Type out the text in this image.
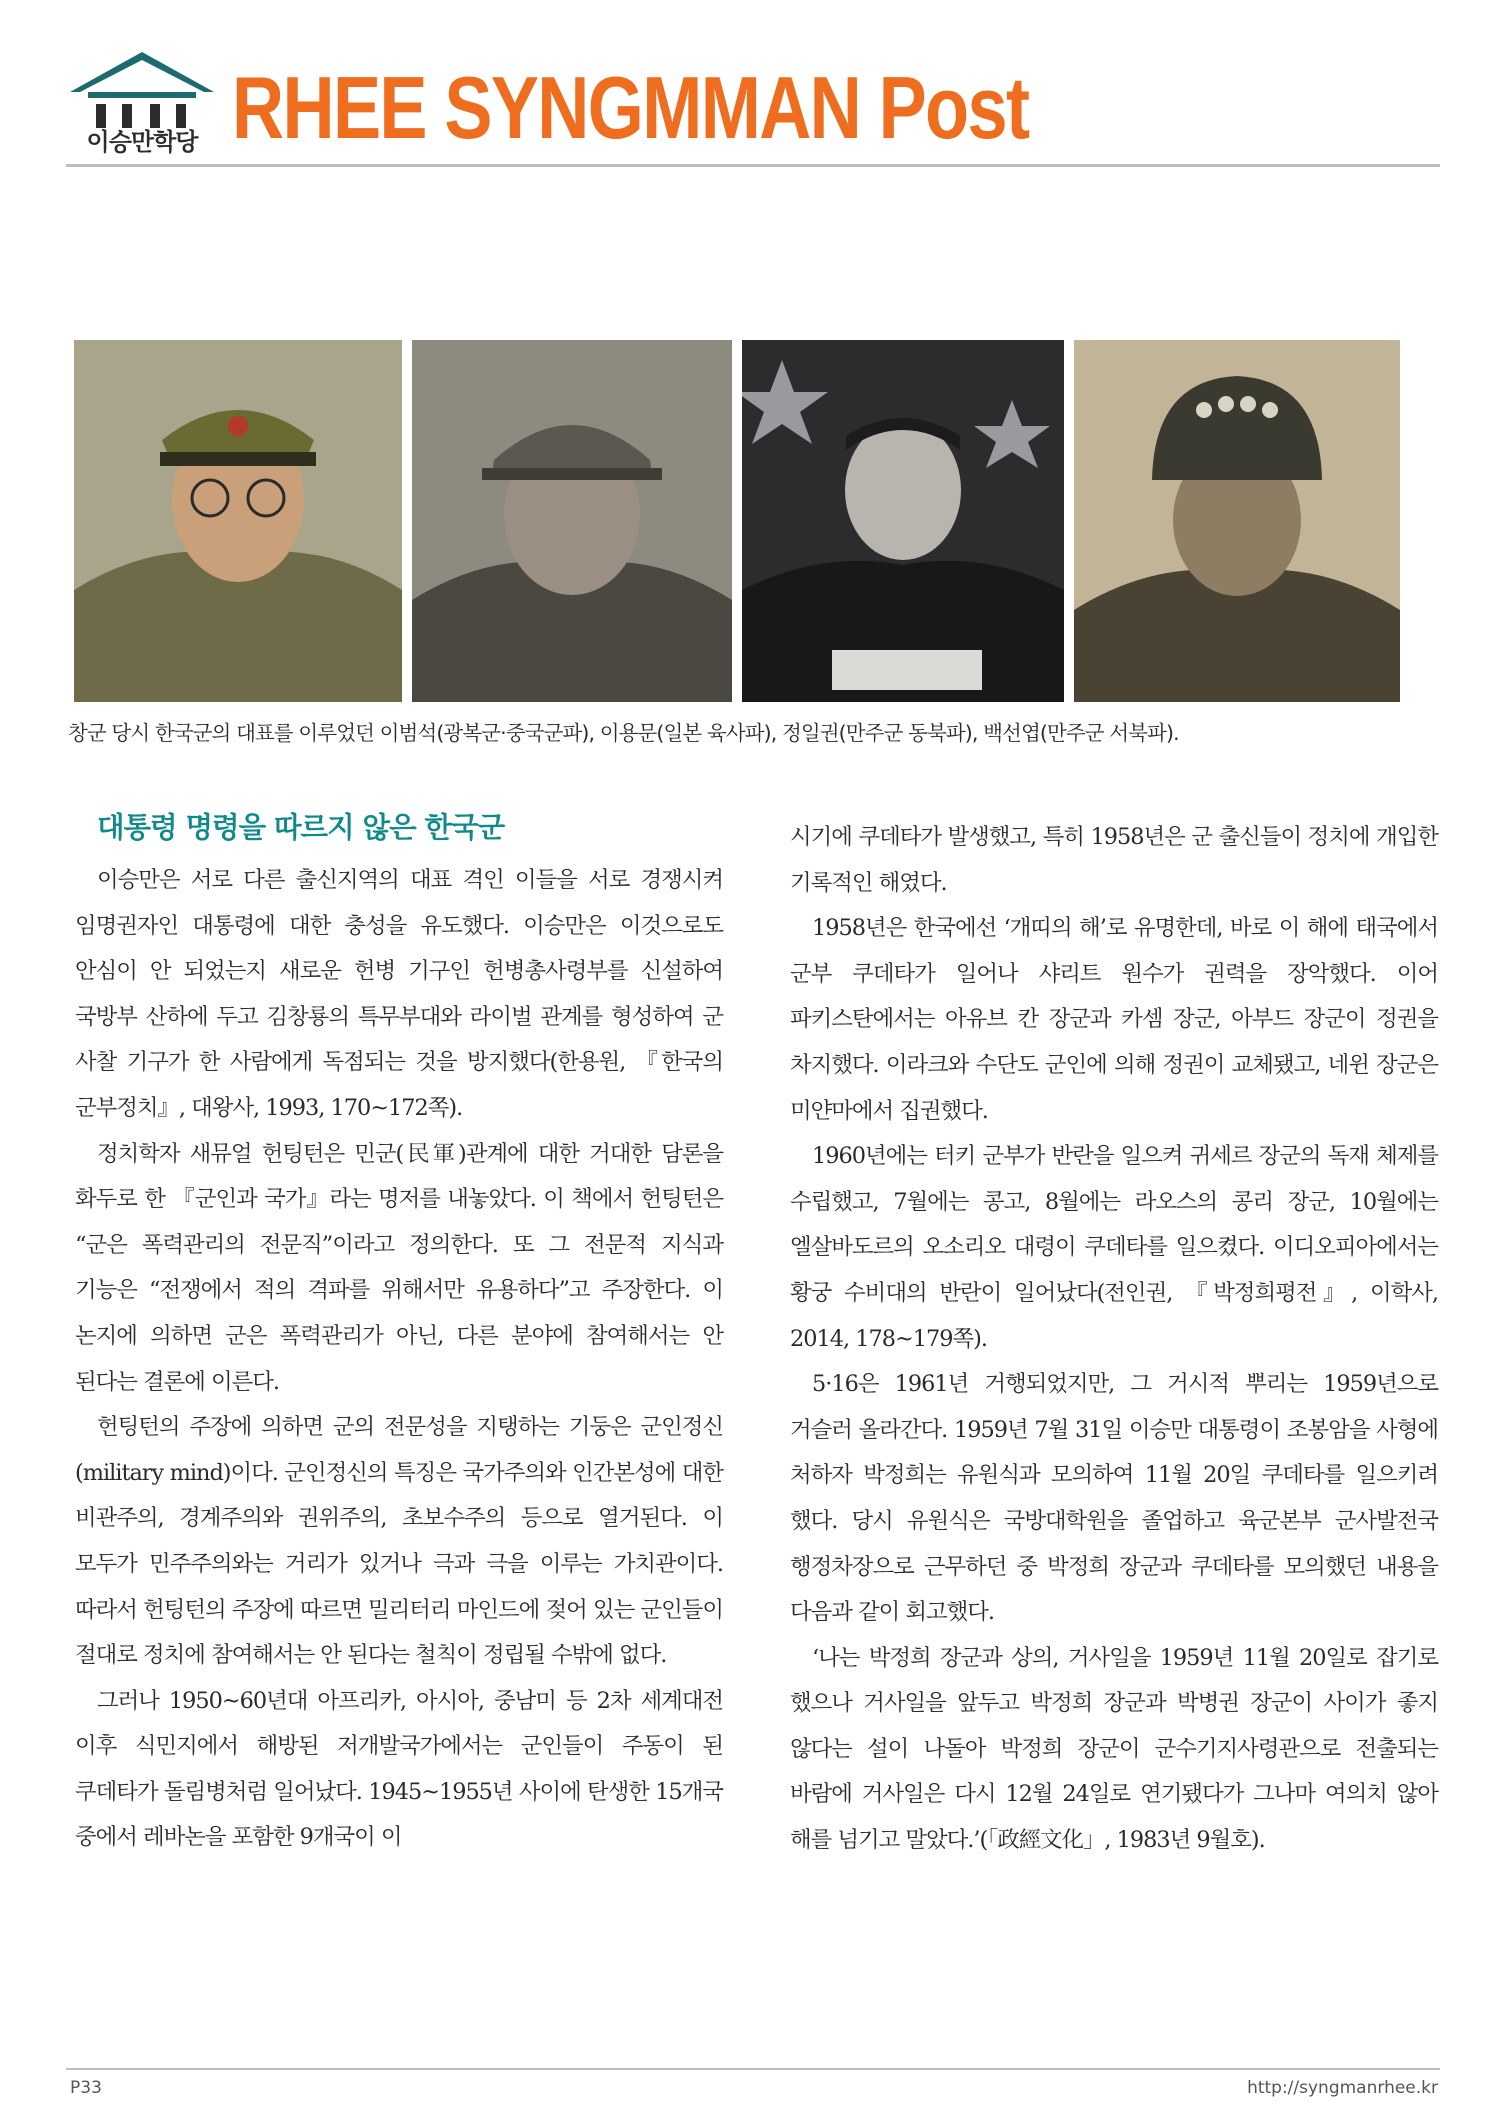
이승만학당 RHEE SYNGMMAN Post
창군 당시 한국군의 대표를 이루었던 이범석(광복군·중국군파), 이용문(일본 육사파), 정일권(만주군 동북파), 백선엽(만주군 서북파).
대통령 명령을 따르지 않은 한국군

이승만은 서로 다른 출신지역의 대표 격인 이들을 서로 경쟁시켜 임명권자인 대통령에 대한 충성을 유도했다. 이승만은 이것으로도 안심이 안 되었는지 새로운 헌병 기구인 헌병총사령부를 신설하여 국방부 산하에 두고 김창룡의 특무부대와 라이벌 관계를 형성하여 군 사찰 기구가 한 사람에게 독점되는 것을 방지했다(한용원, 『한국의 군부정치』, 대왕사, 1993, 170~172쪽).

정치학자 새뮤얼 헌팅턴은 민군(民軍)관계에 대한 거대한 담론을 화두로 한 『군인과 국가』라는 명저를 내놓았다. 이 책에서 헌팅턴은 “군은 폭력관리의 전문직”이라고 정의한다. 또 그 전문적 지식과 기능은 “전쟁에서 적의 격파를 위해서만 유용하다”고 주장한다. 이 논지에 의하면 군은 폭력관리가 아닌, 다른 분야에 참여해서는 안 된다는 결론에 이른다.

헌팅턴의 주장에 의하면 군의 전문성을 지탱하는 기둥은 군인정신(military mind)이다. 군인정신의 특징은 국가주의와 인간본성에 대한 비관주의, 경계주의와 권위주의, 초보수주의 등으로 열거된다. 이 모두가 민주주의와는 거리가 있거나 극과 극을 이루는 가치관이다. 따라서 헌팅턴의 주장에 따르면 밀리터리 마인드에 젖어 있는 군인들이 절대로 정치에 참여해서는 안 된다는 철칙이 정립될 수밖에 없다.

그러나 1950~60년대 아프리카, 아시아, 중남미 등 2차 세계대전 이후 식민지에서 해방된 저개발국가에서는 군인들이 주동이 된 쿠데타가 돌림병처럼 일어났다. 1945~1955년 사이에 탄생한 15개국 중에서 레바논을 포함한 9개국이 이

시기에 쿠데타가 발생했고, 특히 1958년은 군 출신들이 정치에 개입한 기록적인 해였다.

1958년은 한국에선 ‘개띠의 해’로 유명한데, 바로 이 해에 태국에서 군부 쿠데타가 일어나 샤리트 원수가 권력을 장악했다. 이어 파키스탄에서는 아유브 칸 장군과 카셈 장군, 아부드 장군이 정권을 차지했다. 이라크와 수단도 군인에 의해 정권이 교체됐고, 네윈 장군은 미얀마에서 집권했다.

1960년에는 터키 군부가 반란을 일으켜 귀세르 장군의 독재 체제를 수립했고, 7월에는 콩고, 8월에는 라오스의 콩리 장군, 10월에는 엘살바도르의 오소리오 대령이 쿠데타를 일으켰다. 이디오피아에서는 황궁 수비대의 반란이 일어났다(전인권, 『박정희평전』, 이학사, 2014, 178~179쪽).

5·16은 1961년 거행되었지만, 그 거시적 뿌리는 1959년으로 거슬러 올라간다. 1959년 7월 31일 이승만 대통령이 조봉암을 사형에 처하자 박정희는 유원식과 모의하여 11월 20일 쿠데타를 일으키려 했다. 당시 유원식은 국방대학원을 졸업하고 육군본부 군사발전국 행정차장으로 근무하던 중 박정희 장군과 쿠데타를 모의했던 내용을 다음과 같이 회고했다.

‘나는 박정희 장군과 상의, 거사일을 1959년 11월 20일로 잡기로 했으나 거사일을 앞두고 박정희 장군과 박병권 장군이 사이가 좋지 않다는 설이 나돌아 박정희 장군이 군수기지사령관으로 전출되는 바람에 거사일은 다시 12월 24일로 연기됐다가 그나마 여의치 않아 해를 넘기고 말았다.’(「政經文化」, 1983년 9월호).

P33	http://syngmanrhee.kr
